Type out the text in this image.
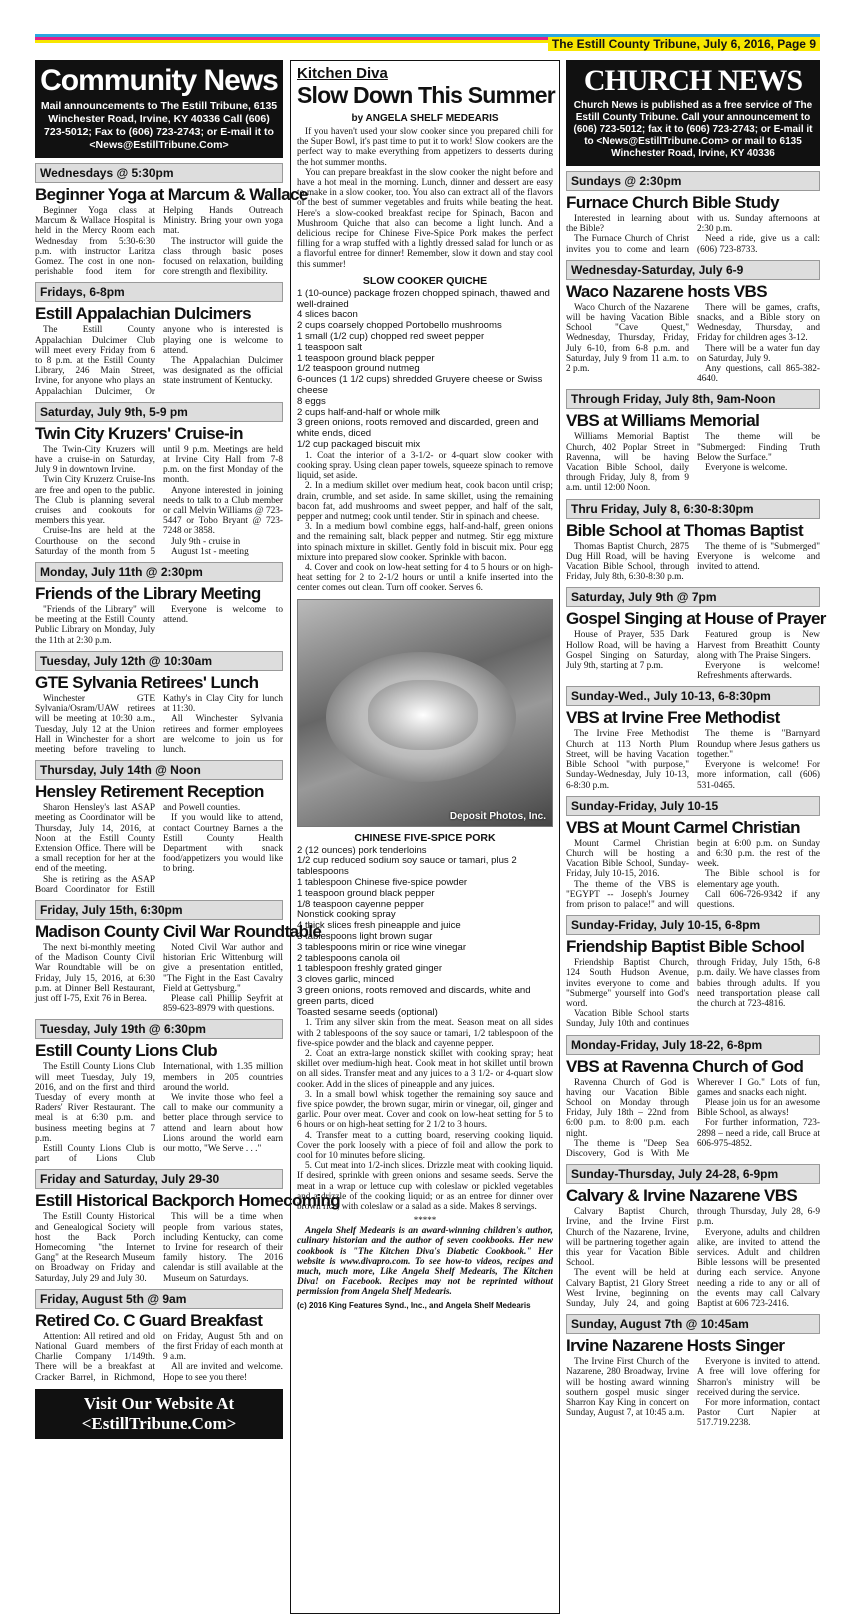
The Estill County Tribune, July 6, 2016, Page 9
Community News

Mail announcements to The Estill Tribune, 6135 Winchester Road, Irvine, KY 40336 Call (606) 723-5012; Fax to (606) 723-2743; or E-mail it to <News@EstillTribune.Com>

Wednesdays @ 5:30pm
Beginner Yoga at Marcum & Wallace

Beginner Yoga class at Marcum & Wallace Hospital is held in the Mercy Room each Wednesday from 5:30-6:30 p.m. with instructor Laritza Gomez. The cost in one non-perishable food item for Helping Hands Outreach Ministry. Bring your own yoga mat.

The instructor will guide the class through basic poses focused on relaxation, building core strength and flexibility.

Fridays, 6-8pm
Estill Appalachian Dulcimers

The Estill County Appalachian Dulcimer Club will meet every Friday from 6 to 8 p.m. at the Estill County Library, 246 Main Street, Irvine, for anyone who plays an Appalachian Dulcimer, Or anyone who is interested is playing one is welcome to attend.

The Appalachian Dulcimer was designated as the official state instrument of Kentucky.

Saturday, July 9th, 5-9 pm
Twin City Kruzers' Cruise-in

The Twin-City Kruzers will have a cruise-in on Saturday, July 9 in downtown Irvine.

Twin City Kruzerz Cruise-Ins are free and open to the public. The Club is planning several cruises and cookouts for members this year.

Cruise-Ins are held at the Courthouse on the second Saturday of the month from 5 until 9 p.m. Meetings are held at Irvine City Hall from 7-8 p.m. on the first Monday of the month.

Anyone interested in joining needs to talk to a Club member or call Melvin Williams @ 723-5447 or Tobo Bryant @ 723-7248 or 3858.

July 9th - cruise in

August 1st - meeting

Monday, July 11th @ 2:30pm
Friends of the Library Meeting

"Friends of the Library" will be meeting at the Estill County Public Library on Monday, July the 11th at 2:30 p.m.

Everyone is welcome to attend.

Tuesday, July 12th @ 10:30am
GTE Sylvania Retirees' Lunch

Winchester GTE Sylvania/Osram/UAW retirees will be meeting at 10:30 a.m., Tuesday, July 12 at the Union Hall in Winchester for a short meeting before traveling to Kathy's in Clay City for lunch at 11:30.

All Winchester Sylvania retirees and former employees are welcome to join us for lunch.

Thursday, July 14th @ Noon
Hensley Retirement Reception

Sharon Hensley's last ASAP meeting as Coordinator will be Thursday, July 14, 2016, at Noon at the Estill County Extension Office. There will be a small reception for her at the end of the meeting.

She is retiring as the ASAP Board Coordinator for Estill and Powell counties.

If you would like to attend, contact Courtney Barnes a the Estill County Health Department with snack food/appetizers you would like to bring.

Friday, July 15th, 6:30pm
Madison County Civil War Roundtable

The next bi-monthly meeting of the Madison County Civil War Roundtable will be on Friday, July 15, 2016, at 6:30 p.m. at Dinner Bell Restaurant, just off I-75, Exit 76 in Berea.

Noted Civil War author and historian Eric Wittenburg will give a presentation entitled, "The Fight in the East Cavalry Field at Gettysburg."

Please call Phillip Seyfrit at 859-623-8979 with questions.

Tuesday, July 19th @ 6:30pm
Estill County Lions Club

The Estill County Lions Club will meet Tuesday, July 19, 2016, and on the first and third Tuesday of every month at Raders' River Restaurant. The meal is at 6:30 p.m. and business meeting begins at 7 p.m.

Estill County Lions Club is part of Lions Club International, with 1.35 million members in 205 countries around the world.

We invite those who feel a call to make our community a better place through service to attend and learn about how Lions around the world earn our motto, "We Serve . . ."

Friday and Saturday, July 29-30
Estill Historical Backporch Homecoming

The Estill County Historical and Genealogical Society will host the Back Porch Homecoming "the Internet Gang" at the Research Museum on Broadway on Friday and Saturday, July 29 and July 30.

This will be a time when people from various states, including Kentucky, can come to Irvine for research of their family history. The 2016 calendar is still available at the Museum on Saturdays.

Friday, August 5th @ 9am
Retired Co. C Guard Breakfast

Attention: All retired and old National Guard members of Charlie Company 1/149th. There will be a breakfast at Cracker Barrel, in Richmond, on Friday, August 5th and on the first Friday of each month at 9 a.m.

All are invited and welcome. Hope to see you there!

Visit Our Website At <EstillTribune.Com>
Kitchen Diva
Slow Down This Summer
by ANGELA SHELF MEDEARIS

If you haven't used your slow cooker since you prepared chili for the Super Bowl, it's past time to put it to work! Slow cookers are the perfect way to make everything from appetizers to desserts during the hot summer months.

You can prepare breakfast in the slow cooker the night before and have a hot meal in the morning. Lunch, dinner and dessert are easy to make in a slow cooker, too. You also can extract all of the flavors of the best of summer vegetables and fruits while beating the heat. Here's a slow-cooked breakfast recipe for Spinach, Bacon and Mushroom Quiche that also can become a light lunch. And a delicious recipe for Chinese Five-Spice Pork makes the perfect filling for a wrap stuffed with a lightly dressed salad for lunch or as a flavorful entree for dinner! Remember, slow it down and stay cool this summer!

SLOW COOKER QUICHE
1 (10-ounce) package frozen chopped spinach, thawed and well-drained
4 slices bacon
2 cups coarsely chopped Portobello mushrooms
1 small (1/2 cup) chopped red sweet pepper
1 teaspoon salt
1 teaspoon ground black pepper
1/2 teaspoon ground nutmeg
6-ounces (1 1/2 cups) shredded Gruyere cheese or Swiss cheese
8 eggs
2 cups half-and-half or whole milk
3 green onions, roots removed and discarded, green and white ends, diced
1/2 cup packaged biscuit mix
1. Coat the interior of a 3-1/2- or 4-quart slow cooker with cooking spray. Using clean paper towels, squeeze spinach to remove liquid, set aside.
2. In a medium skillet over medium heat, cook bacon until crisp; drain, crumble, and set aside. In same skillet, using the remaining bacon fat, add mushrooms and sweet pepper, and half of the salt, pepper and nutmeg; cook until tender. Stir in spinach and cheese.
3. In a medium bowl combine eggs, half-and-half, green onions and the remaining salt, black pepper and nutmeg. Stir egg mixture into spinach mixture in skillet. Gently fold in biscuit mix. Pour egg mixture into prepared slow cooker. Sprinkle with bacon.
4. Cover and cook on low-heat setting for 4 to 5 hours or on high-heat setting for 2 to 2-1/2 hours or until a knife inserted into the center comes out clean. Turn off cooker. Serves 6.
Deposit Photos, Inc.
CHINESE FIVE-SPICE PORK
2 (12 ounces) pork tenderloins
1/2 cup reduced sodium soy sauce or tamari, plus 2 tablespoons
1 tablespoon Chinese five-spice powder
1 teaspoon ground black pepper
1/8 teaspoon cayenne pepper
Nonstick cooking spray
4 thick slices fresh pineapple and juice
3 tablespoons light brown sugar
3 tablespoons mirin or rice wine vinegar
2 tablespoons canola oil
1 tablespoon freshly grated ginger
3 cloves garlic, minced
3 green onions, roots removed and discards, white and green parts, diced
Toasted sesame seeds (optional)
1. Trim any silver skin from the meat. Season meat on all sides with 2 tablespoons of the soy sauce or tamari, 1/2 tablespoon of the five-spice powder and the black and cayenne pepper.
2. Coat an extra-large nonstick skillet with cooking spray; heat skillet over medium-high heat. Cook meat in hot skillet until brown on all sides. Transfer meat and any juices to a 3 1/2- or 4-quart slow cooker. Add in the slices of pineapple and any juices.
3. In a small bowl whisk together the remaining soy sauce and five spice powder, the brown sugar, mirin or vinegar, oil, ginger and garlic. Pour over meat. Cover and cook on low-heat setting for 5 to 6 hours or on high-heat setting for 2 1/2 to 3 hours.
4. Transfer meat to a cutting board, reserving cooking liquid. Cover the pork loosely with a piece of foil and allow the pork to cool for 10 minutes before slicing.
5. Cut meat into 1/2-inch slices. Drizzle meat with cooking liquid. If desired, sprinkle with green onions and sesame seeds. Serve the meat in a wrap or lettuce cup with coleslaw or pickled vegetables and a drizzle of the cooking liquid; or as an entree for dinner over brown rice, with coleslaw or a salad as a side. Makes 8 servings.
*****

Angela Shelf Medearis is an award-winning children's author, culinary historian and the author of seven cookbooks. Her new cookbook is "The Kitchen Diva's Diabetic Cookbook." Her website is www.divapro.com. To see how-to videos, recipes and much, much more, Like Angela Shelf Medearis, The Kitchen Diva! on Facebook. Recipes may not be reprinted without permission from Angela Shelf Medearis.

(c) 2016 King Features Synd., Inc., and Angela Shelf Medearis
CHURCH NEWS

Church News is published as a free service of The Estill County Tribune. Call your announcement to (606) 723-5012; fax it to (606) 723-2743; or E-mail it to <News@EstillTribune.Com> or mail to 6135 Winchester Road, Irvine, KY 40336

Sundays @ 2:30pm
Furnace Church Bible Study

Interested in learning about the Bible?

The Furnace Church of Christ invites you to come and learn with us. Sunday afternoons at 2:30 p.m.

Need a ride, give us a call: (606) 723-8733.

Wednesday-Saturday, July 6-9
Waco Nazarene hosts VBS

Waco Church of the Nazarene will be having Vacation Bible School "Cave Quest," Wednesday, Thursday, Friday, July 6-10, from 6-8 p.m. and Saturday, July 9 from 11 a.m. to 2 p.m.

There will be games, crafts, snacks, and a Bible story on Wednesday, Thursday, and Friday for children ages 3-12.

There will be a water fun day on Saturday, July 9.

Any questions, call 865-382-4640.

Through Friday, July 8th, 9am-Noon
VBS at Williams Memorial

Williams Memorial Baptist Church, 402 Poplar Street in Ravenna, will be having Vacation Bible School, daily through Friday, July 8, from 9 a.m. until 12:00 Noon.

The theme will be "Submerged: Finding Truth Below the Surface."

Everyone is welcome.

Thru Friday, July 8, 6:30-8:30pm
Bible School at Thomas Baptist

Thomas Baptist Church, 2875 Dug Hill Road, will be having Vacation Bible School, through Friday, July 8th, 6:30-8:30 p.m.

The theme of is "Submerged" Everyone is welcome and invited to attend.

Saturday, July 9th @ 7pm
Gospel Singing at House of Prayer

House of Prayer, 535 Dark Hollow Road, will be having a Gospel Singing on Saturday, July 9th, starting at 7 p.m.

Featured group is New Harvest from Breathitt County along with The Praise Singers.

Everyone is welcome! Refreshments afterwards.

Sunday-Wed., July 10-13, 6-8:30pm
VBS at Irvine Free Methodist

The Irvine Free Methodist Church at 113 North Plum Street, will be having Vacation Bible School "with purpose," Sunday-Wednesday, July 10-13, 6-8:30 p.m.

The theme is "Barnyard Roundup where Jesus gathers us together."

Everyone is welcome! For more information, call (606) 531-0465.

Sunday-Friday, July 10-15
VBS at Mount Carmel Christian

Mount Carmel Christian Church will be hosting a Vacation Bible School, Sunday-Friday, July 10-15, 2016.

The theme of the VBS is "EGYPT -- Joseph's Journey from prison to palace!" and will begin at 6:00 p.m. on Sunday and 6:30 p.m. the rest of the week.

The Bible school is for elementary age youth.

Call 606-726-9342 if any questions.

Sunday-Friday, July 10-15, 6-8pm
Friendship Baptist Bible School

Friendship Baptist Church, 124 South Hudson Avenue, invites everyone to come and "Submerge" yourself into God's word.

Vacation Bible School starts Sunday, July 10th and continues through Friday, July 15th, 6-8 p.m. daily. We have classes from babies through adults. If you need transportation please call the church at 723-4816.

Monday-Friday, July 18-22, 6-8pm
VBS at Ravenna Church of God

Ravenna Church of God is having our Vacation Bible School on Monday through Friday, July 18th – 22nd from 6:00 p.m. to 8:00 p.m. each night.

The theme is "Deep Sea Discovery, God is With Me Wherever I Go." Lots of fun, games and snacks each night.

Please join us for an awesome Bible School, as always!

For further information, 723-2898 – need a ride, call Bruce at 606-975-4852.

Sunday-Thursday, July 24-28, 6-9pm
Calvary & Irvine Nazarene VBS

Calvary Baptist Church, Irvine, and the Irvine First Church of the Nazarene, Irvine, will be partnering together again this year for Vacation Bible School.

The event will be held at Calvary Baptist, 21 Glory Street West Irvine, beginning on Sunday, July 24, and going through Thursday, July 28, 6-9 p.m.

Everyone, adults and children alike, are invited to attend the services. Adult and children Bible lessons will be presented during each service. Anyone needing a ride to any or all of the events may call Calvary Baptist at 606 723-2416.

Sunday, August 7th @ 10:45am
Irvine Nazarene Hosts Singer

The Irvine First Church of the Nazarene, 280 Broadway, Irvine will be hosting award winning southern gospel music singer Sharron Kay King in concert on Sunday, August 7, at 10:45 a.m.

Everyone is invited to attend. A free will love offering for Sharron's ministry will be received during the service.

For more information, contact Pastor Curt Napier at 517.719.2238.
